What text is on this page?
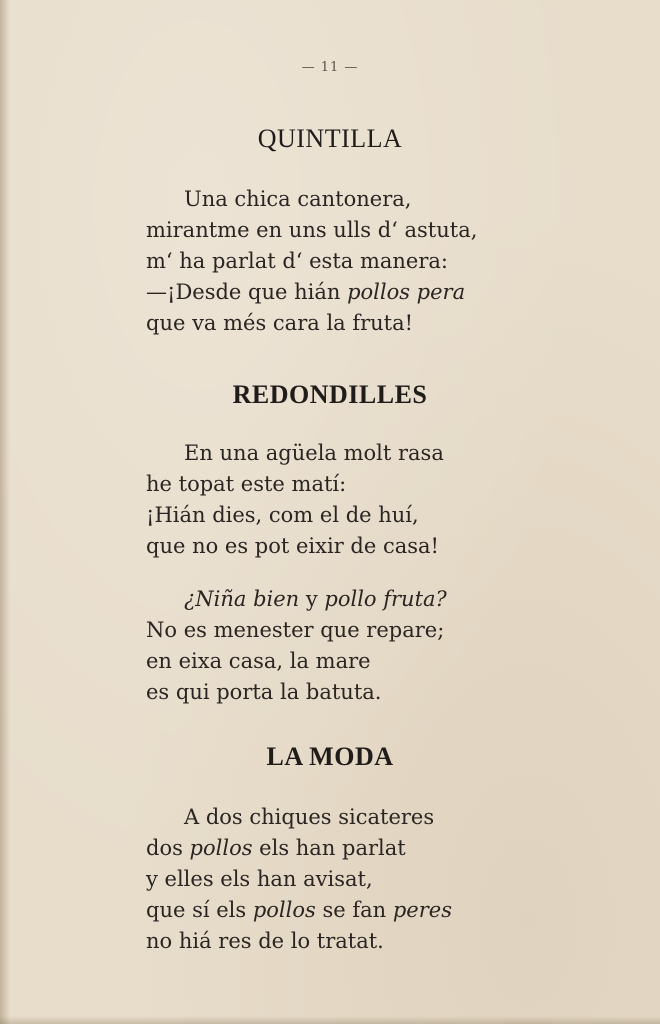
— 11 —
QUINTILLA
Una chica cantonera,
mirantme en uns ulls d‘ astuta,
m‘ ha parlat d‘ esta manera:
—¡Desde que hián pollos pera
que va més cara la fruta!
REDONDILLES
En una agüela molt rasa
he topat este matí:
¡Hián dies, com el de huí,
que no es pot eixir de casa!
¿Niña bien y pollo fruta?
No es menester que repare;
en eixa casa, la mare
es qui porta la batuta.
LA MODA
A dos chiques sicateres
dos pollos els han parlat
y elles els han avisat,
que sí els pollos se fan peres
no hiá res de lo tratat.
